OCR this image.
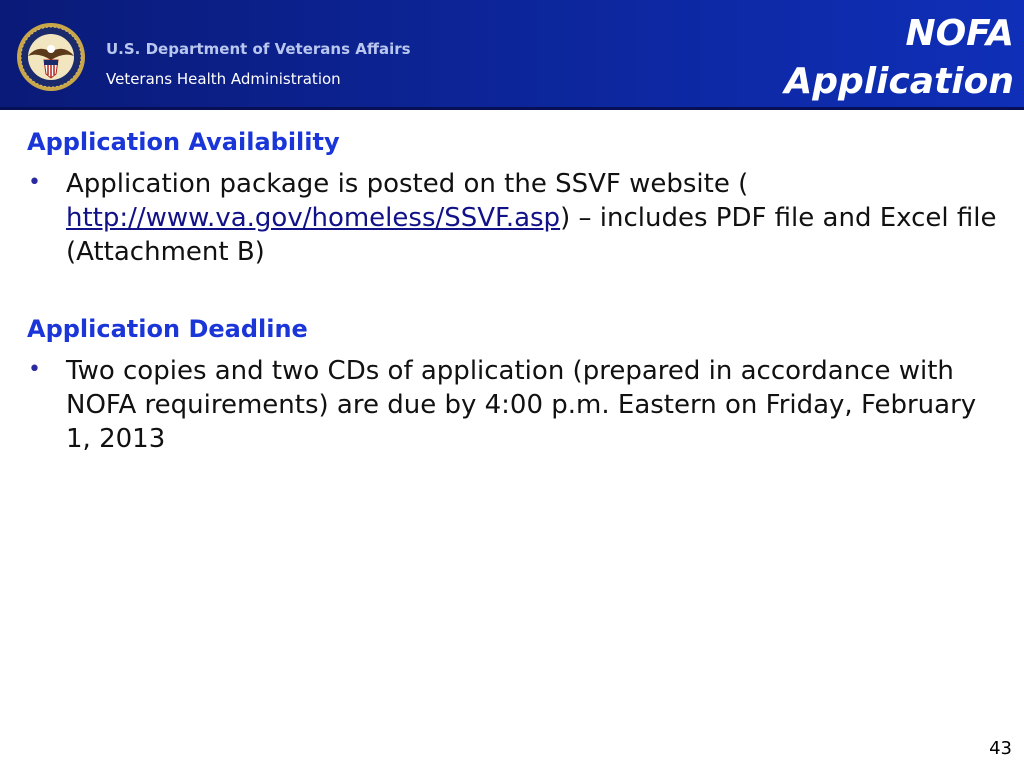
U.S. Department of Veterans Affairs
Veterans Health Administration
NOFA
Application
Application Availability
• Application package is posted on the SSVF website (
http://www.va.gov/homeless/SSVF.asp) – includes PDF file and Excel file (Attachment B)
Application Deadline
• Two copies and two CDs of application (prepared in accordance with NOFA requirements) are due by 4:00 p.m. Eastern on Friday, February 1, 2013
43
